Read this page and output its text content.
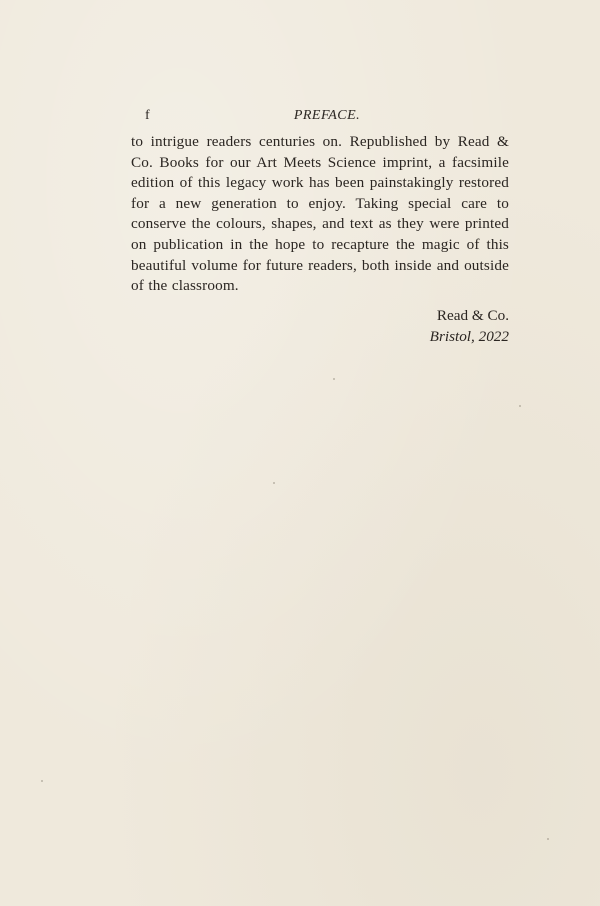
f	PREFACE.

to intrigue readers centuries on. Republished by Read & Co. Books for our Art Meets Science imprint, a facsimile edition of this legacy work has been painstakingly restored for a new generation to enjoy. Taking special care to conserve the colours, shapes, and text as they were printed on publication in the hope to recapture the magic of this beautiful volume for future readers, both inside and outside of the classroom.

Read & Co.
Bristol, 2022
